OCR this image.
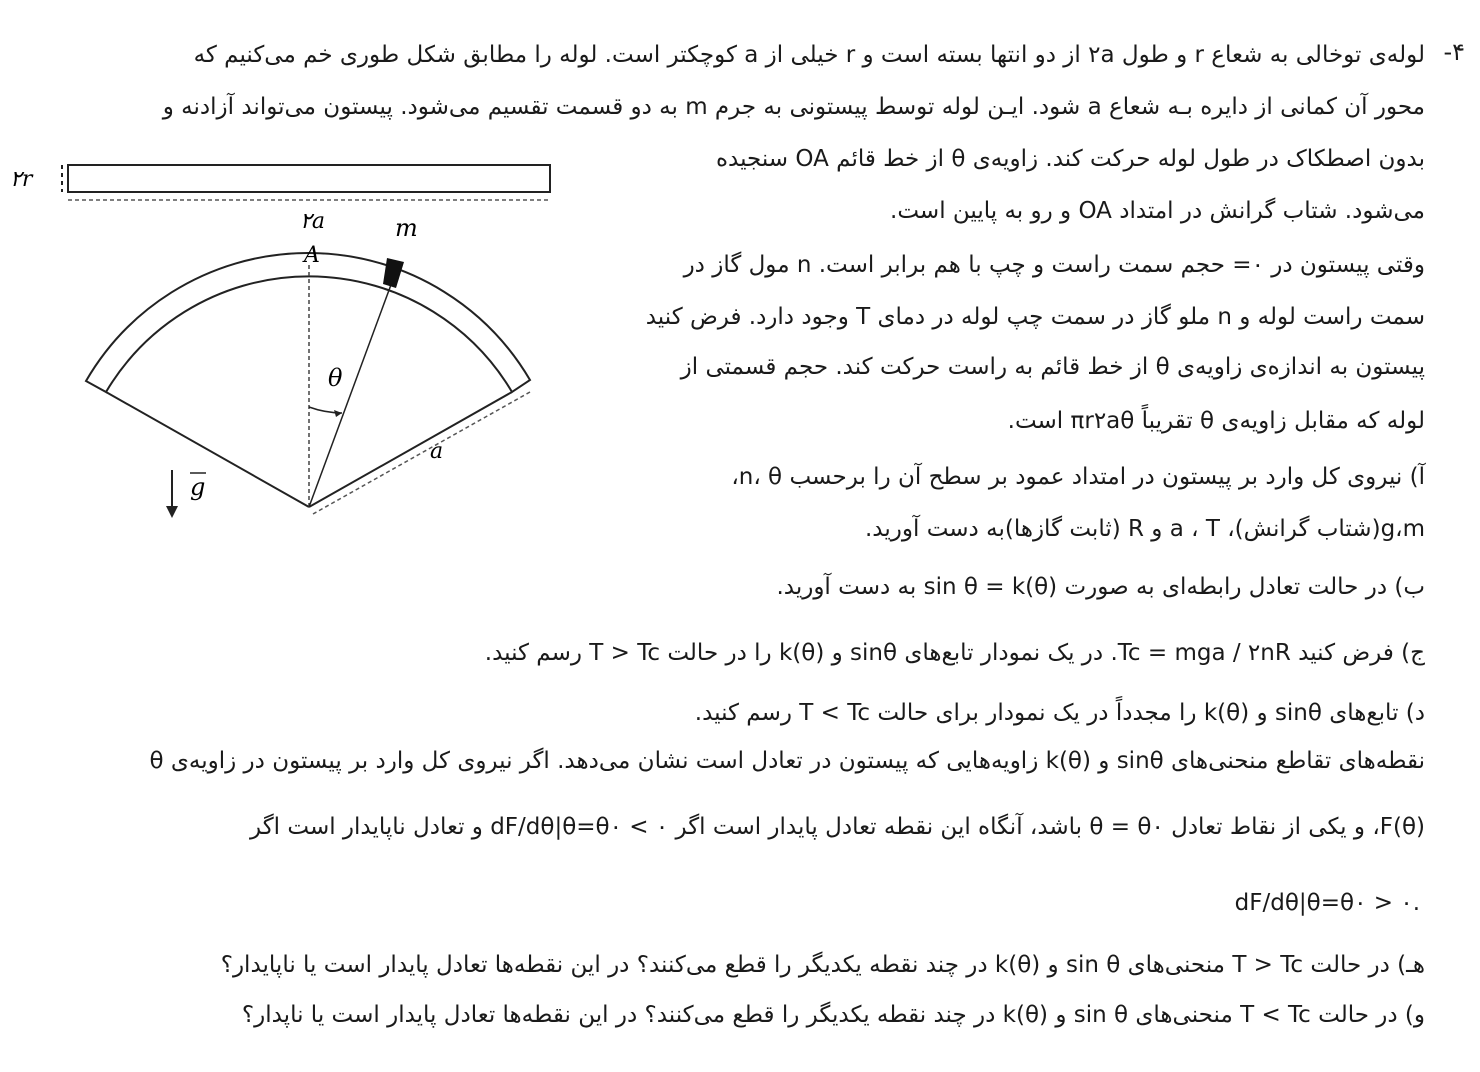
-۴
لوله‌ی توخالی به شعاع r و طول ۲a از دو انتها بسته است و r خیلی از a کوچکتر است. لوله را مطابق شکل طوری خم می‌کنیم که
محور آن کمانی از دایره بـه شعاع a شود. ایـن لوله توسط پیستونی به جرم m به دو قسمت تقسیم می‌شود. پیستون می‌تواند آزادنه و
بدون اصطکاک در طول لوله حرکت کند. زاویه‌ی θ از خط قائم OA سنجیده
می‌شود. شتاب گرانش در امتداد OA و رو به پایین است.
وقتی پیستون در ۰= حجم سمت راست و چپ با هم برابر است. n مول گاز در
سمت راست لوله و n ملو گاز در سمت چپ لوله در دمای T وجود دارد. فرض کنید
پیستون به اندازه‌ی زاویه‌ی θ از خط قائم به راست حرکت کند. حجم قسمتی از
لوله که مقابل زاویه‌ی θ تقریباً πr۲aθ است.
آ) نیروی کل وارد بر پیستون در امتداد عمود بر سطح آن را برحسب n، θ،
g،m(شتاب گرانش)، a ، T و R (ثابت گازها)به دست آورید.
ب) در حالت تعادل رابطه‌ای به صورت sin θ = k(θ) به دست آورید.
ج) فرض کنید Tc = mga / ۲nR. در یک نمودار تابع‌های sinθ و k(θ) را در حالت T > Tc رسم کنید.
د) تابع‌های sinθ و k(θ) را مجدداً در یک نمودار برای حالت T < Tc رسم کنید.
نقطه‌های تقاطع منحنی‌های sinθ و k(θ) زاویه‌هایی که پیستون در تعادل است نشان می‌دهد. اگر نیروی کل وارد بر پیستون در زاویه‌ی θ
F(θ)، و یکی از نقاط تعادل θ = θ۰ باشد، آنگاه این نقطه تعادل پایدار است اگر dF/dθ|θ=θ۰ < ۰ و تعادل ناپایدار است اگر
.dF/dθ|θ=θ۰ > ۰
هـ) در حالت T > Tc منحنی‌های sin θ و k(θ) در چند نقطه یکدیگر را قطع می‌کنند؟ در این نقطه‌ها تعادل پایدار است یا ناپایدار؟
و) در حالت T < Tc منحنی‌های sin θ و k(θ) در چند نقطه یکدیگر را قطع می‌کنند؟ در این نقطه‌ها تعادل پایدار است یا ناپدار؟
۲r
۲a	m
a
A
θ
g
